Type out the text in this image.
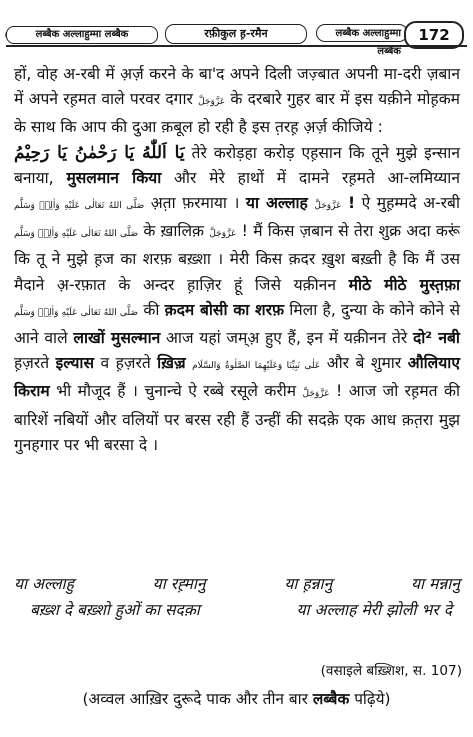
लब्बैक अल्लाहुम्मा लब्बैक	रफ़ीकुल ह़-रमैन	लब्बैक अल्लाहुम्मा लब्बैक
172

हों, वोह अ-रबी में अ़र्ज़ करने के बा'द अपने दिली जज़्बात अपनी मा-दरी ज़बान में अपने रह़मत वाले परवर दगार عَزَّوَجَلَّ के दरबारे गुहर बार में इस यक़ीने मोह़कम के साथ कि आप की दुआ क़बूल हो रही है इस त़रह़ अ़र्ज़ कीजिये :

يَا اَللّٰهُ يَا رَحْمٰنُ يَا رَحِيْمُ तेरे करोड़हा करोड़ एह़सान कि तूने मुझे इन्सान बनाया, मुसलमान किया और मेरे हाथों में दामने रह़मते आ-लमिय्यान صَلَّى اللهُ تَعَالٰى عَلَيْهِ وَاٰلِهٖ وَسَلَّم अ़त़ा फ़रमाया । या अल्लाह عَزَّوَجَلَّ ! ऐ मुह़म्मदे अ-रबी صَلَّى اللهُ تَعَالٰى عَلَيْهِ وَاٰلِهٖ وَسَلَّم के ख़ालिक़ عَزَّوَجَلَّ ! मैं किस ज़बान से तेरा शुक्र अदा करूं कि तू ने मुझे ह़ज का शरफ़ बख़्शा । मेरी किस क़दर ख़ुश बख़्ती है कि मैं उस मैदाने अ़-रफ़ात के अन्दर ह़ाज़िर हूं जिसे यक़ीनन मीठे मीठे मुस्त़फ़ा صَلَّى اللهُ تَعَالٰى عَلَيْهِ وَاٰلِهٖ وَسَلَّم की क़दम बोसी का शरफ़ मिला है, दुन्या के कोने कोने से आने वाले लाखों मुसल्मान आज यहां जम्अ़ हुए हैं, इन में यक़ीनन तेरे दो² नबी ह़ज़रते इल्यास व ह़ज़रते ख़िज़्र عَلٰى نَبِيِّنَا وَعَلَيْهِمَا الصَّلٰوةُ وَالسَّلَام और बे शुमार औलियाए किराम भी मौजूद हैं । चुनान्चे ऐ रब्बे रसूले करीम عَزَّوَجَلَّ ! आज जो रह़मत की बारिशें नबियों और वलियों पर बरस रही हैं उन्हीं की सदक़े एक आध क़त़रा मुझ गुनहगार पर भी बरसा दे ।

या अल्लाहु	या रह़्मानु	या ह़न्नानु	या मन्नानु
बख़्श दे बख़्शो हुओं का सदक़ा	या अल्लाह मेरी झोली भर दे
(वसाइले बख़्शिश, स. 107)
(अव्वल आख़िर दुरूदे पाक और तीन बार लब्बैक पढ़िये)
